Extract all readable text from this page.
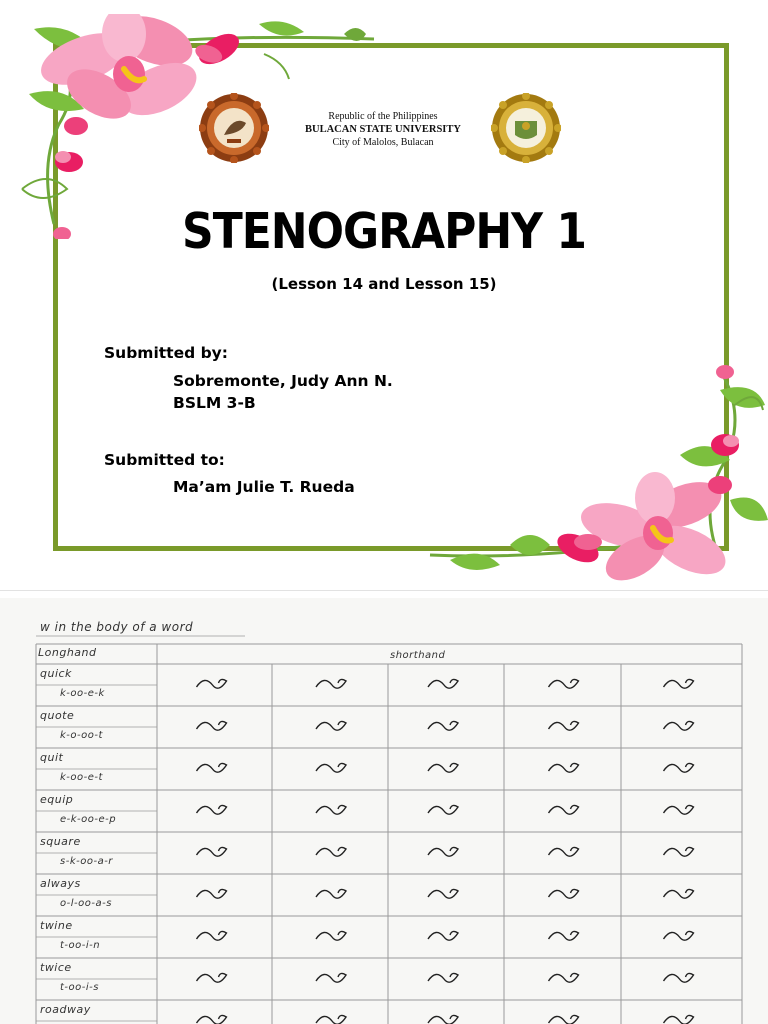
Republic of the Philippines
BULACAN STATE UNIVERSITY
City of Malolos, Bulacan
STENOGRAPHY 1
(Lesson 14 and Lesson 15)
Submitted by:
Sobremonte, Judy Ann N.
BSLM 3-B
Submitted to:
Ma’am Julie T. Rueda
w in the body of a word
Longhand	shorthand
quick
k-oo-e-k
quote
k-o-oo-t
quit
k-oo-e-t
equip
e-k-oo-e-p
square
s-k-oo-a-r
always
o-l-oo-a-s
twine
t-oo-i-n
twice
t-oo-i-s
roadway
